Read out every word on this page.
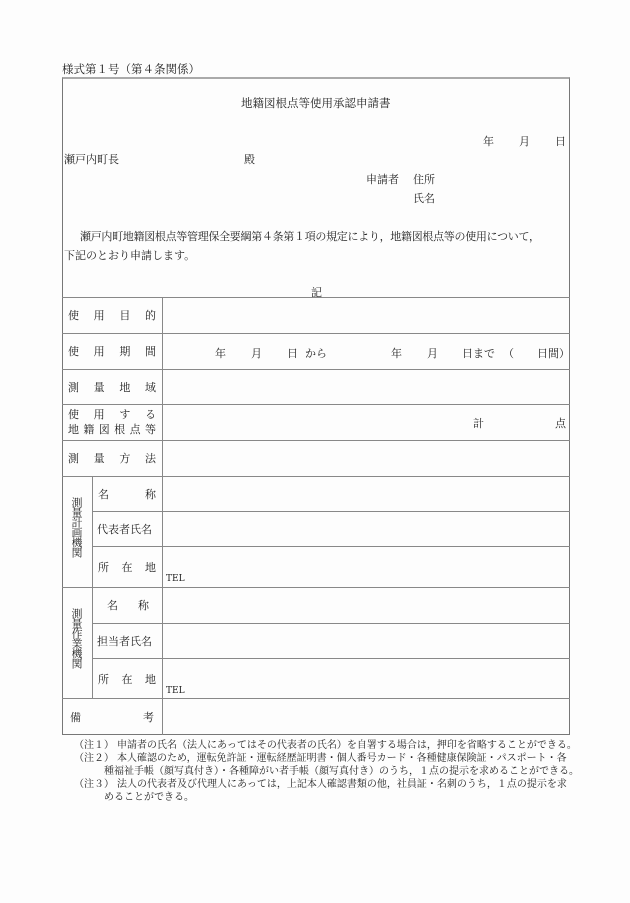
様式第１号（第４条関係）
地籍図根点等使用承認申請書
年 月 日
瀬戸内町長	殿
申請者 住所
氏名
瀬戸内町地籍図根点等管理保全要綱第４条第１項の規定により，地籍図根点等の使用について，
下記のとおり申請します。
記
使 用 目 的
使 用 期 間	年 月 日 から	年 月 日まで （ 日間）
測 量 地 域
使 用 す る
地 籍 図 根 点 等	計	点
測 量 方 法
測量計画機関
名	称
代表者氏名
所 在 地
TEL
測量作業機関
名 称
担当者氏名
所 在 地
TEL
備	考
（注１） 申請者の氏名（法人にあってはその代表者の氏名）を自署する場合は，押印を省略することができる。
（注２） 本人確認のため，運転免許証・運転経歴証明書・個人番号カード・各種健康保険証・パスポート・各
種福祉手帳（顔写真付き）・各種障がい者手帳（顔写真付き）のうち，１点の提示を求めることができる。
（注３） 法人の代表者及び代理人にあっては，上記本人確認書類の他，社員証・名刺のうち，１点の提示を求
めることができる。
